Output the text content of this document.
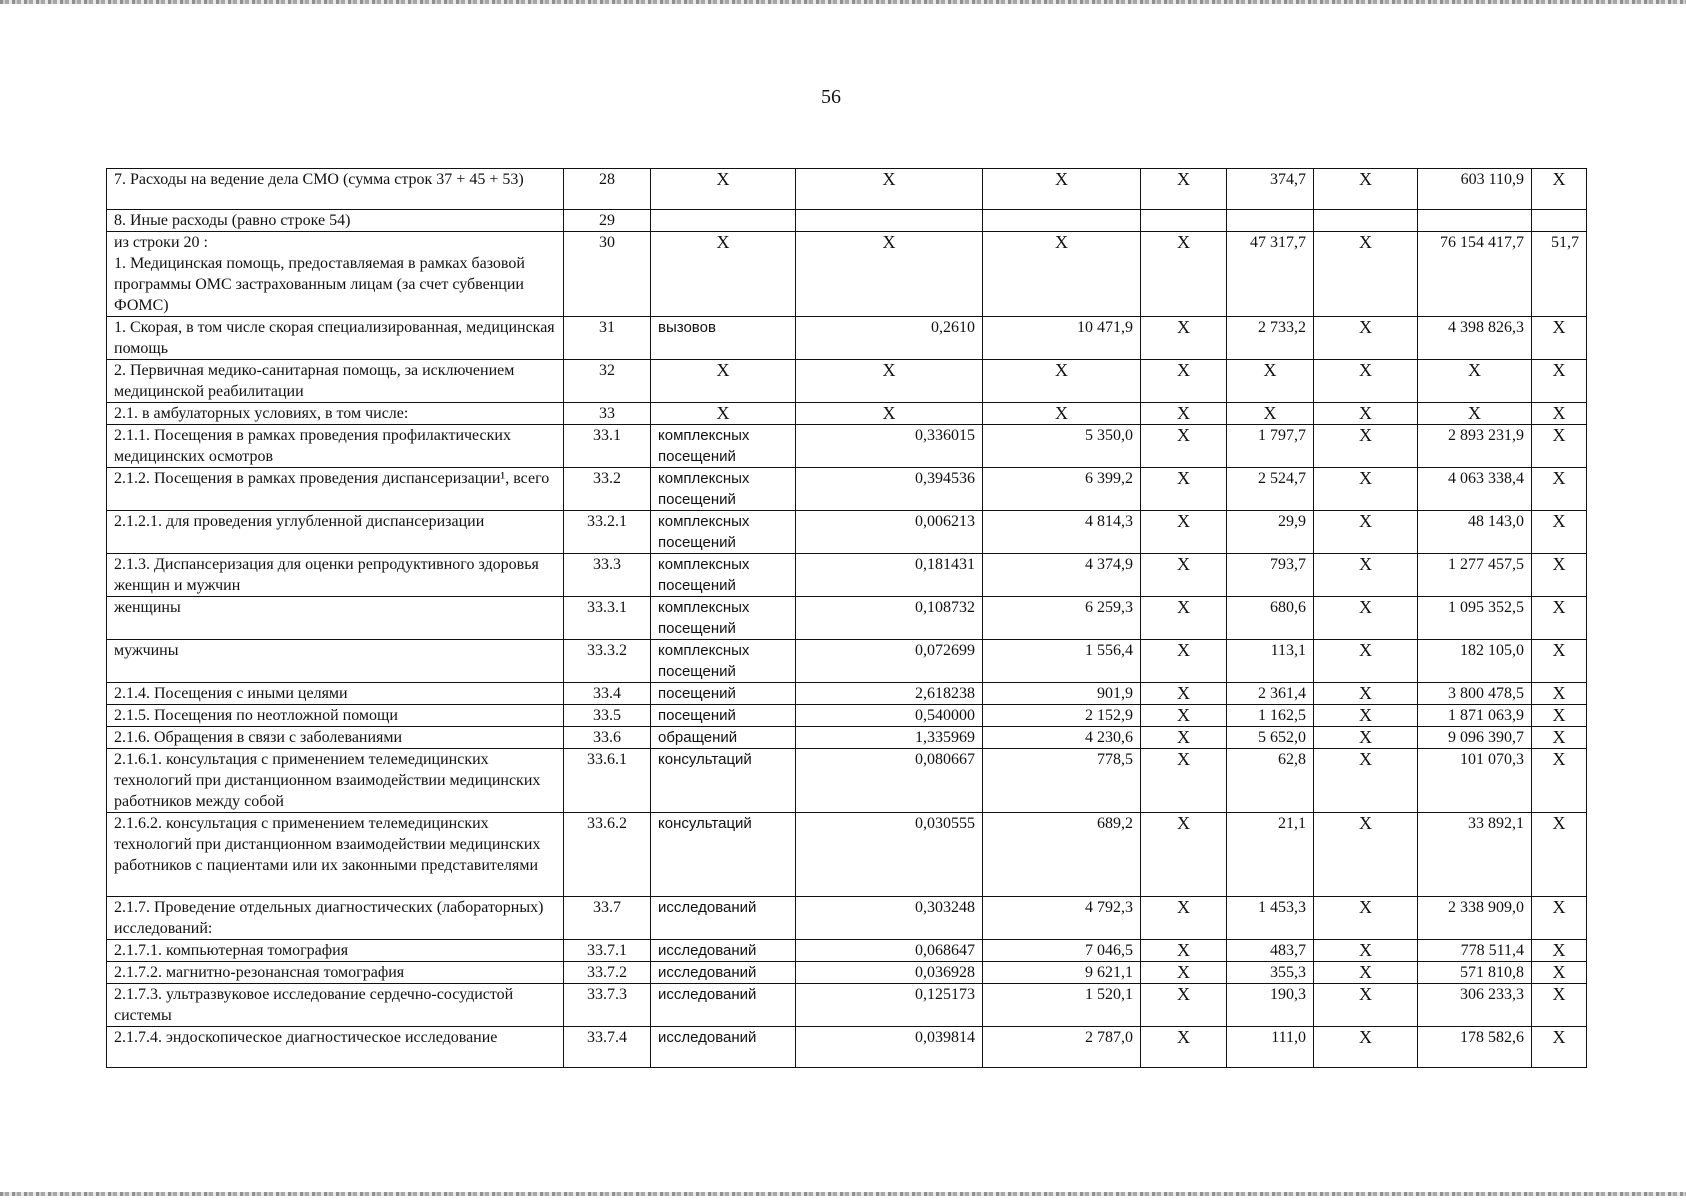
56
7. Расходы на ведение дела СМО (сумма строк 37 + 45 + 53)	28	Х	Х	Х	Х	374,7	Х	603 110,9	Х
8. Иные расходы (равно строке 54)	29								
из строки 20 :
1. Медицинская помощь, предоставляемая в рамках базовой программы ОМС застрахованным лицам (за счет субвенции ФОМС)	30	Х	Х	Х	Х	47 317,7	Х	76 154 417,7	51,7
1. Скорая, в том числе скорая специализированная, медицинская помощь	31	вызовов	0,2610	10 471,9	Х	2 733,2	Х	4 398 826,3	Х
2. Первичная медико-санитарная помощь, за исключением медицинской реабилитации	32	Х	Х	Х	Х	Х	Х	Х	Х
2.1. в амбулаторных условиях, в том числе:	33	Х	Х	Х	Х	Х	Х	Х	Х
2.1.1. Посещения в рамках проведения профилактических медицинских осмотров	33.1	комплексных посещений	0,336015	5 350,0	Х	1 797,7	Х	2 893 231,9	Х
2.1.2. Посещения в рамках проведения диспансеризации¹, всего	33.2	комплексных посещений	0,394536	6 399,2	Х	2 524,7	Х	4 063 338,4	Х
2.1.2.1. для проведения углубленной диспансеризации	33.2.1	комплексных посещений	0,006213	4 814,3	Х	29,9	Х	48 143,0	Х
2.1.3. Диспансеризация для оценки репродуктивного здоровья женщин и мужчин	33.3	комплексных посещений	0,181431	4 374,9	Х	793,7	Х	1 277 457,5	Х
женщины	33.3.1	комплексных посещений	0,108732	6 259,3	Х	680,6	Х	1 095 352,5	Х
мужчины	33.3.2	комплексных посещений	0,072699	1 556,4	Х	113,1	Х	182 105,0	Х
2.1.4. Посещения с иными целями	33.4	посещений	2,618238	901,9	Х	2 361,4	Х	3 800 478,5	Х
2.1.5. Посещения по неотложной помощи	33.5	посещений	0,540000	2 152,9	Х	1 162,5	Х	1 871 063,9	Х
2.1.6. Обращения в связи с заболеваниями	33.6	обращений	1,335969	4 230,6	Х	5 652,0	Х	9 096 390,7	Х
2.1.6.1. консультация с применением телемедицинских технологий при дистанционном взаимодействии медицинских работников между собой	33.6.1	консультаций	0,080667	778,5	Х	62,8	Х	101 070,3	Х
2.1.6.2. консультация с применением телемедицинских технологий при дистанционном взаимодействии медицинских работников с пациентами или их законными представителями	33.6.2	консультаций	0,030555	689,2	Х	21,1	Х	33 892,1	Х
2.1.7. Проведение отдельных диагностических (лабораторных) исследований:	33.7	исследований	0,303248	4 792,3	Х	1 453,3	Х	2 338 909,0	Х
2.1.7.1. компьютерная томография	33.7.1	исследований	0,068647	7 046,5	Х	483,7	Х	778 511,4	Х
2.1.7.2. магнитно-резонансная томография	33.7.2	исследований	0,036928	9 621,1	Х	355,3	Х	571 810,8	Х
2.1.7.3. ультразвуковое исследование сердечно-сосудистой системы	33.7.3	исследований	0,125173	1 520,1	Х	190,3	Х	306 233,3	Х
2.1.7.4. эндоскопическое диагностическое исследование	33.7.4	исследований	0,039814	2 787,0	Х	111,0	Х	178 582,6	Х
